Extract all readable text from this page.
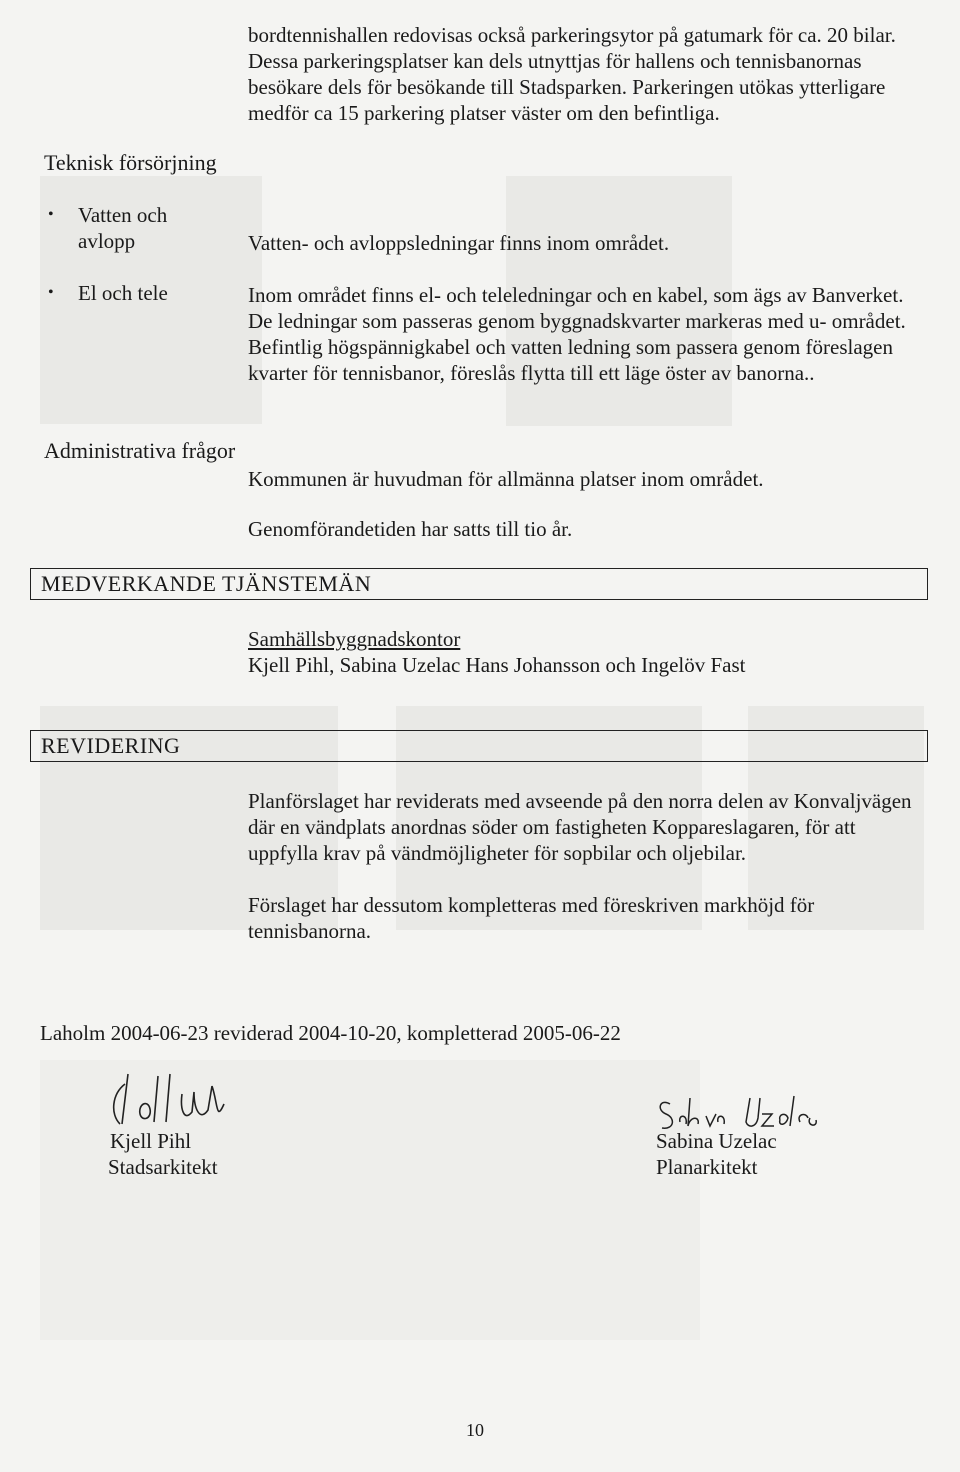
bordtennishallen redovisas också parkeringsytor på gatumark för ca. 20 bilar. Dessa parkeringsplatser kan dels utnyttjas för hallens och tennisbanornas besökare dels för besökande till Stadsparken. Parkeringen utökas ytterligare medför ca 15 parkering platser väster om den befintliga.
Teknisk försörjning
• Vatten och avlopp	Vatten- och avloppsledningar finns inom området.
• El och tele	Inom området finns el- och teleledningar och en kabel, som ägs av Banverket. De ledningar som passeras genom byggnadskvarter markeras med u- området. Befintlig högspännigkabel och vatten ledning som passera genom föreslagen kvarter för tennisbanor, föreslås flytta till ett läge öster av banorna..
Administrativa frågor
Kommunen är huvudman för allmänna platser inom området.
Genomförandetiden har satts till tio år.
MEDVERKANDE TJÄNSTEMÄN
Samhällsbyggnadskontor
Kjell Pihl, Sabina Uzelac Hans Johansson och Ingelöv Fast
REVIDERING
Planförslaget har reviderats med avseende på den norra delen av Konvaljvägen där en vändplats anordnas söder om fastigheten Koppareslagaren, för att uppfylla krav på vändmöjligheter för sopbilar och oljebilar.
Förslaget har dessutom kompletteras med föreskriven markhöjd för tennisbanorna.
Laholm 2004-06-23 reviderad 2004-10-20, kompletterad 2005-06-22
Kjell Pihl
Stadsarkitekt
Sabina Uzelac
Planarkitekt
10
